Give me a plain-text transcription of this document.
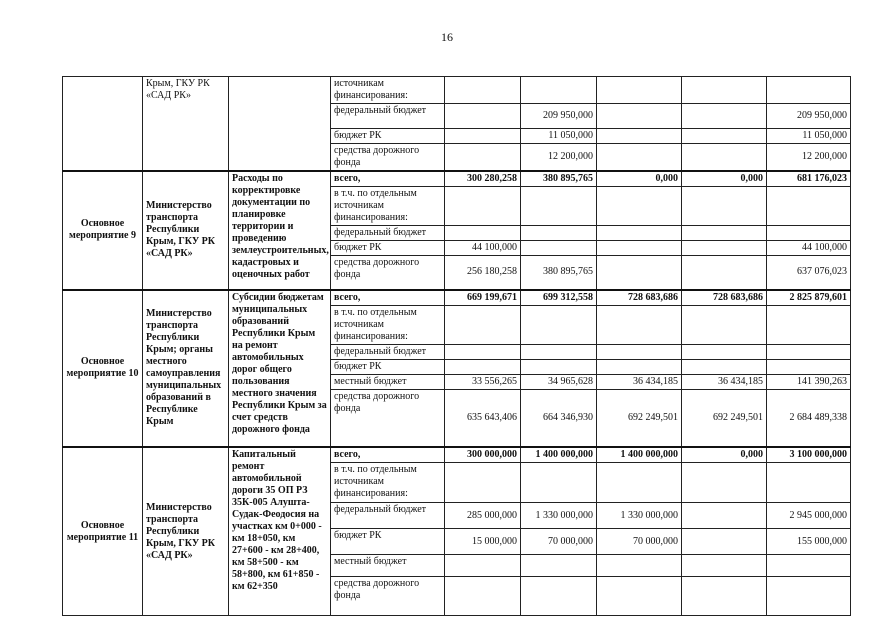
16
	Крым, ГКУ РК «САД РК»		источникам финансирования:					
			федеральный бюджет		209 950,000			209 950,000
			бюджет РК		11 050,000			11 050,000
			средства дорожного фонда		12 200,000			12 200,000
Основное мероприятие 9	Министерство транспорта Республики Крым, ГКУ РК «САД РК»	Расходы по корректировке документации по планировке территории и проведению землеустроительных, кадастровых и оценочных работ	всего,	300 280,258	380 895,765	0,000	0,000	681 176,023
			в т.ч. по отдельным источникам финансирования:					
			федеральный бюджет					
			бюджет РК	44 100,000				44 100,000
			средства дорожного фонда	256 180,258	380 895,765			637 076,023
Основное мероприятие 10	Министерство транспорта Республики Крым; органы местного самоуправления муниципальных образований в Республике Крым	Субсидии бюджетам муниципальных образований Республики Крым на ремонт автомобильных дорог общего пользования местного значения Республики Крым за счет средств дорожного фонда	всего,	669 199,671	699 312,558	728 683,686	728 683,686	2 825 879,601
			в т.ч. по отдельным источникам финансирования:					
			федеральный бюджет					
			бюджет РК					
			местный бюджет	33 556,265	34 965,628	36 434,185	36 434,185	141 390,263
			средства дорожного фонда	635 643,406	664 346,930	692 249,501	692 249,501	2 684 489,338
Основное мероприятие 11	Министерство транспорта Республики Крым, ГКУ РК «САД РК»	Капитальный ремонт автомобильной дороги 35 ОП РЗ 35К-005 Алушта-Судак-Феодосия на участках км 0+000 - км 18+050, км 27+600 - км 28+400, км 58+500 - км 58+800, км 61+850 - км 62+350	всего,	300 000,000	1 400 000,000	1 400 000,000	0,000	3 100 000,000
			в т.ч. по отдельным источникам финансирования:					
			федеральный бюджет	285 000,000	1 330 000,000	1 330 000,000		2 945 000,000
			бюджет РК	15 000,000	70 000,000	70 000,000		155 000,000
			местный бюджет					
			средства дорожного фонда					
